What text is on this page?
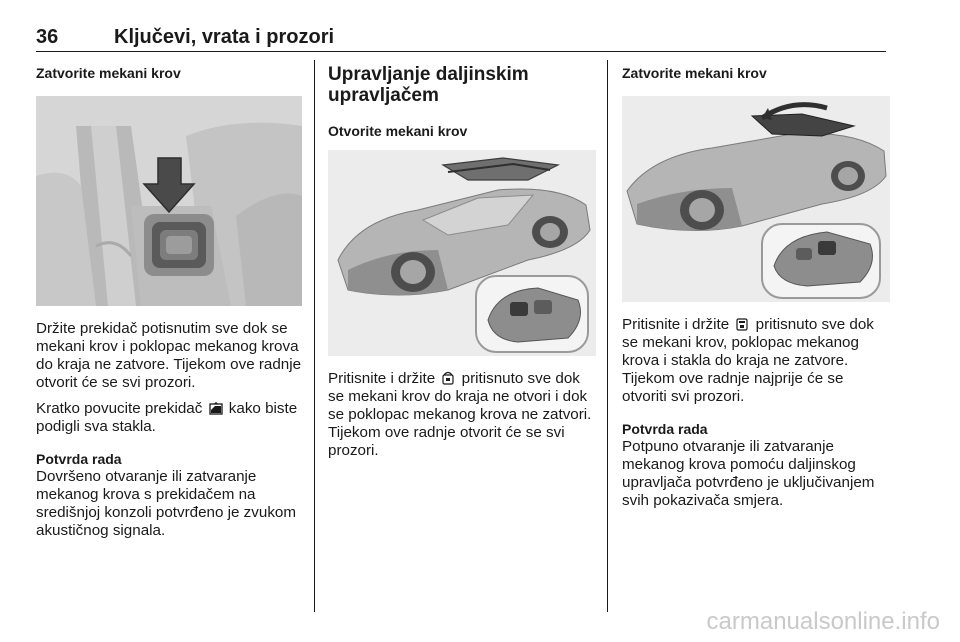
36	Ključevi, vrata i prozori
Zatvorite mekani krov

Držite prekidač potisnutim sve dok se mekani krov i poklopac mekanog krova do kraja ne zatvore. Tijekom ove radnje otvorit će se svi prozori.

Kratko povucite prekidač kako biste podigli sva stakla.

Potvrda rada

Dovršeno otvaranje ili zatvaranje mekanog krova s prekidačem na središnjoj konzoli potvrđeno je zvukom akustičnog signala.

Upravljanje daljinskim upravljačem
Otvorite mekani krov

Pritisnite i držite pritisnuto sve dok se mekani krov do kraja ne otvori i dok se poklopac mekanog krova ne zatvori. Tijekom ove radnje otvorit će se svi prozori.

Zatvorite mekani krov

Pritisnite i držite pritisnuto sve dok se mekani krov, poklopac mekanog krova i stakla do kraja ne zatvore. Tijekom ove radnje najprije će se otvoriti svi prozori.

Potvrda rada

Potpuno otvaranje ili zatvaranje mekanog krova pomoću daljinskog upravljača potvrđeno je uključivanjem svih pokazivača smjera.

carmanualsonline.info
